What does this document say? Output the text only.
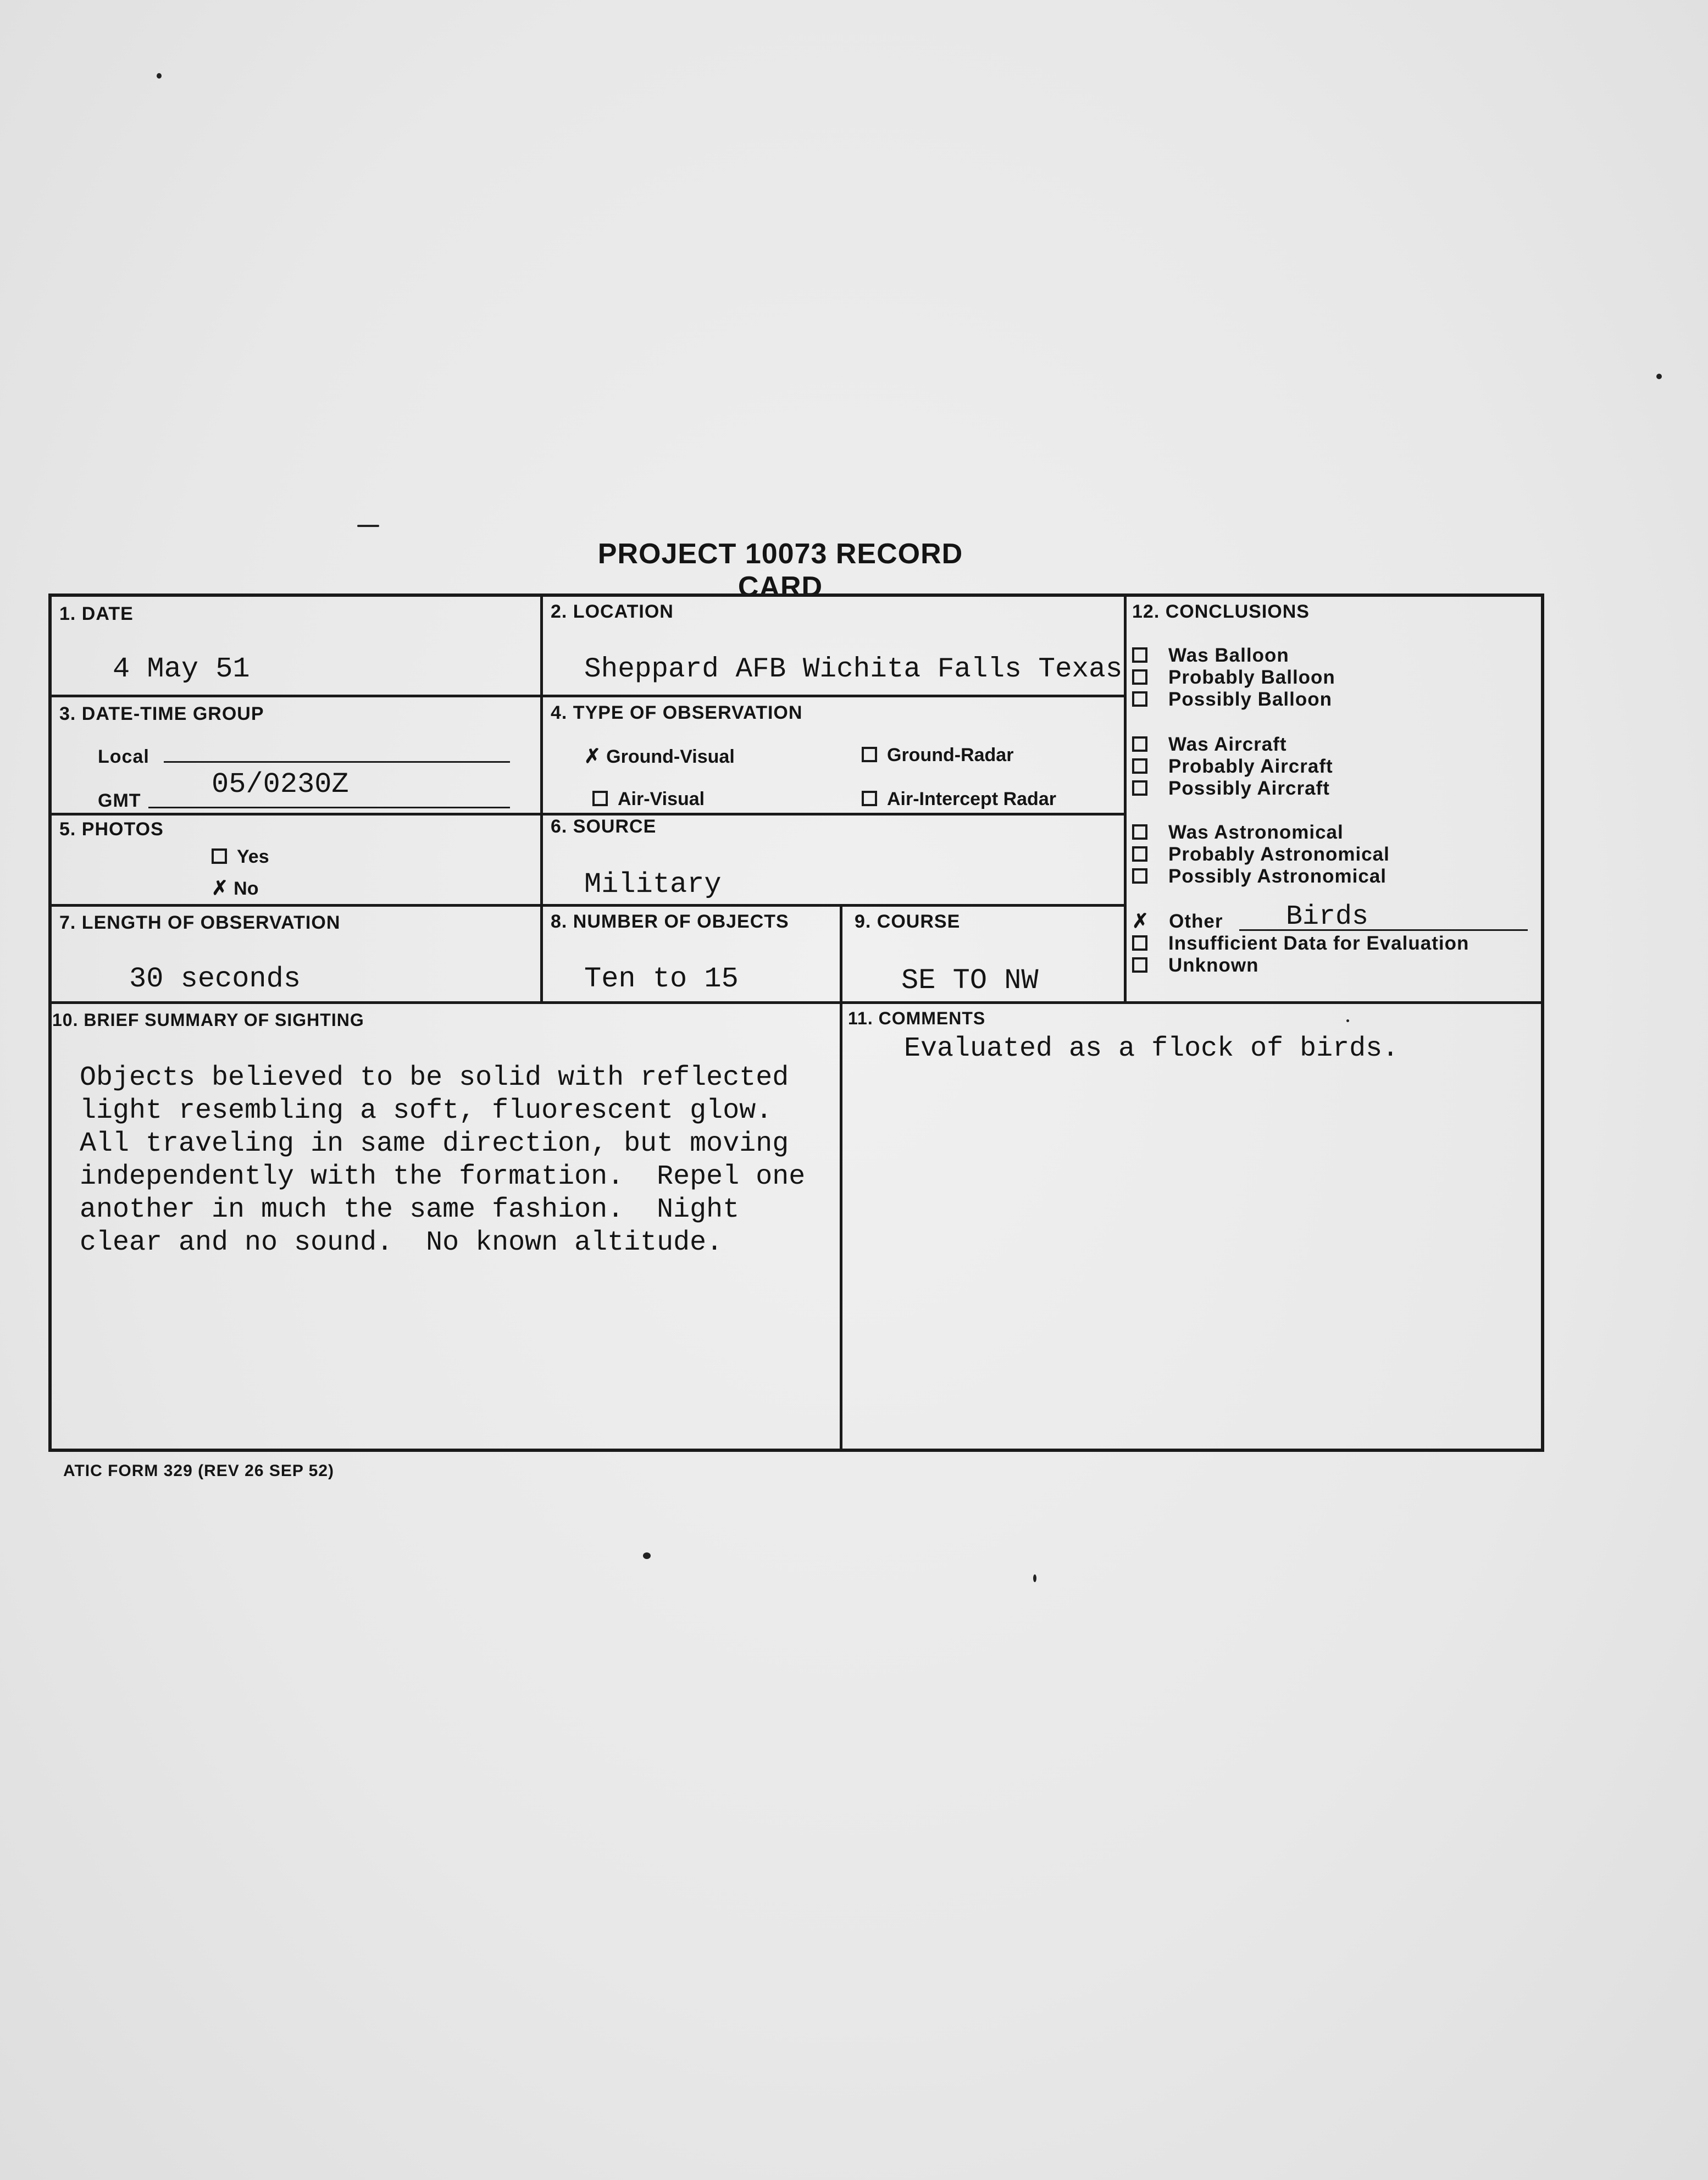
PROJECT 10073 RECORD CARD
1. DATE
4 May 51
2. LOCATION
Sheppard AFB Wichita Falls Texas
12. CONCLUSIONS
Was Balloon
Probably Balloon
Possibly Balloon
Was Aircraft
Probably Aircraft
Possibly Aircraft
Was Astronomical
Probably Astronomical
Possibly Astronomical
✗ Other Birds
Insufficient Data for Evaluation
Unknown
3. DATE-TIME GROUP
Local
GMT 05/0230Z
4. TYPE OF OBSERVATION
✗ Ground-Visual	Ground-Radar
Air-Visual	Air-Intercept Radar
5. PHOTOS
Yes
✗ No
6. SOURCE
Military
7. LENGTH OF OBSERVATION
30 seconds
8. NUMBER OF OBJECTS
Ten to 15
9. COURSE
SE TO NW
10. BRIEF SUMMARY OF SIGHTING

Objects believed to be solid with reflected
light resembling a soft, fluorescent glow.
All traveling in same direction, but moving
independently with the formation.  Repel one
another in much the same fashion.  Night
clear and no sound.  No known altitude.
11. COMMENTS
Evaluated as a flock of birds.
ATIC FORM 329 (REV 26 SEP 52)
